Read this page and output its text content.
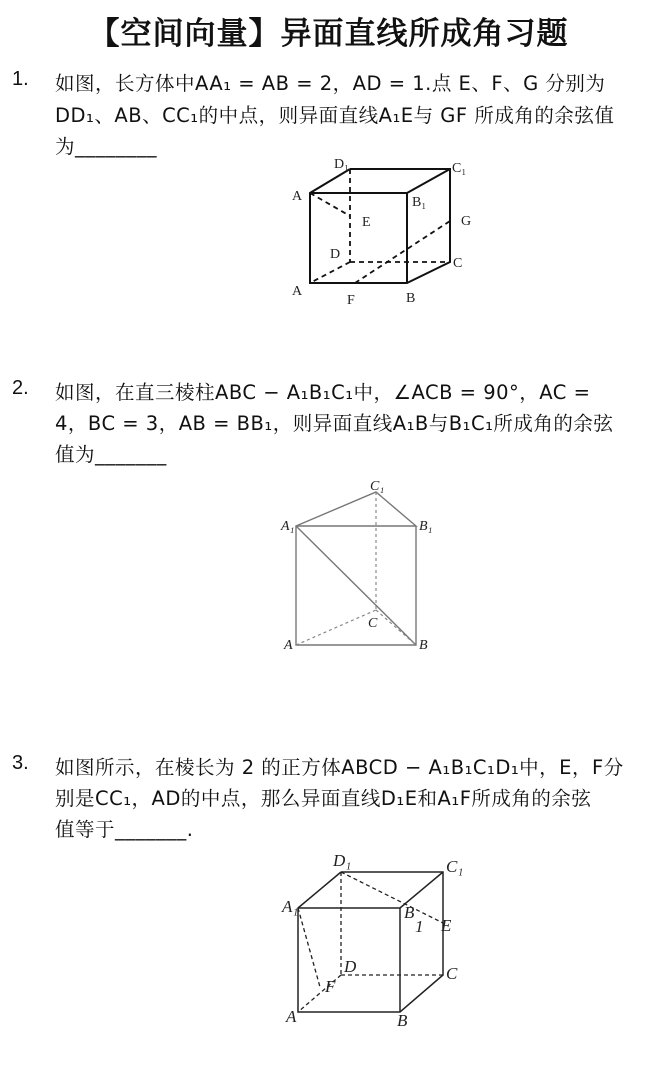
【空间向量】异面直线所成角习题
1. 如图，长方体中AA₁ = AB = 2，AD = 1.点 E、F、G 分别为
DD₁、AB、CC₁的中点，则异面直线A₁E与 GF 所成角的余弦值
为________
D₁	C₁
A	B₁
E	G
D
C
A
F	B
2. 如图，在直三棱柱ABC − A₁B₁C₁中，∠ACB = 90°，AC =
4，BC = 3，AB = BB₁，则异面直线A₁B与B₁C₁所成角的余弦
值为_______
C₁
A₁	B₁
C
A	B
3. 如图所示，在棱长为 2 的正方体ABCD − A₁B₁C₁D₁中，E，F分
别是CC₁，AD的中点，那么异面直线D₁E和A₁F所成角的余弦
值等于_______.
D₁	C₁
A₁	B
1 E
D	C
F
A	B
